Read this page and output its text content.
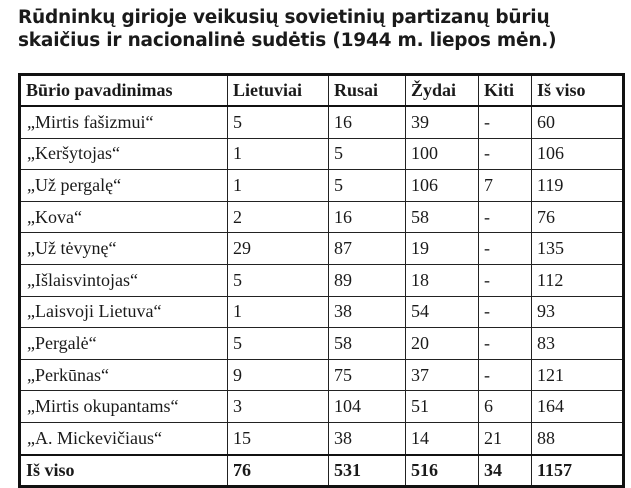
Rūdninkų girioje veikusių sovietinių partizanų būrių
skaičius ir nacionalinė sudėtis (1944 m. liepos mėn.)
Būrio pavadinimas	Lietuviai	Rusai	Žydai	Kiti	Iš viso
„Mirtis fašizmui“	5	16	39	-	60
„Keršytojas“	1	5	100	-	106
„Už pergalę“	1	5	106	7	119
„Kova“	2	16	58	-	76
„Už tėvynę“	29	87	19	-	135
„Išlaisvintojas“	5	89	18	-	112
„Laisvoji Lietuva“	1	38	54	-	93
„Pergalė“	5	58	20	-	83
„Perkūnas“	9	75	37	-	121
„Mirtis okupantams“	3	104	51	6	164
„A. Mickevičiaus“	15	38	14	21	88
Iš viso	76	531	516	34	1157
